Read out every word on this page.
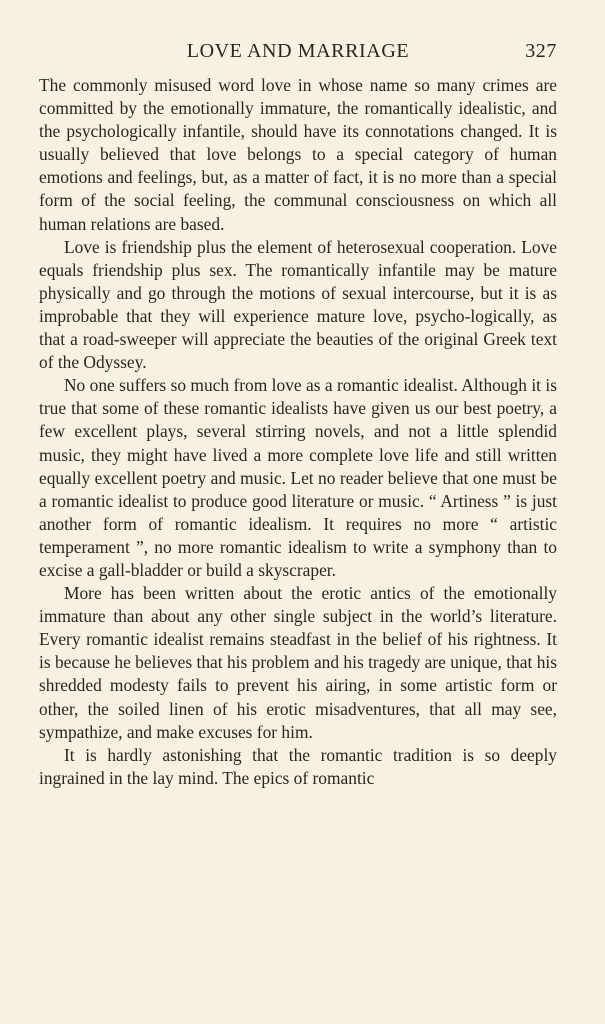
LOVE AND MARRIAGE	327

The commonly misused word love in whose name so many crimes are committed by the emotionally immature, the romantically idealistic, and the psychologically infantile, should have its connotations changed. It is usually believed that love belongs to a special category of human emotions and feelings, but, as a matter of fact, it is no more than a special form of the social feeling, the communal consciousness on which all human relations are based.

Love is friendship plus the element of heterosexual cooperation. Love equals friendship plus sex. The romantically infantile may be mature physically and go through the motions of sexual intercourse, but it is as improbable that they will experience mature love, psycho-logically, as that a road-sweeper will appreciate the beauties of the original Greek text of the Odyssey.

No one suffers so much from love as a romantic idealist. Although it is true that some of these romantic idealists have given us our best poetry, a few excellent plays, several stirring novels, and not a little splendid music, they might have lived a more complete love life and still written equally excellent poetry and music. Let no reader believe that one must be a romantic idealist to produce good literature or music. “ Artiness ” is just another form of romantic idealism. It requires no more “ artistic temperament ”, no more romantic idealism to write a symphony than to excise a gall-bladder or build a skyscraper.

More has been written about the erotic antics of the emotionally immature than about any other single subject in the world’s literature. Every romantic idealist remains steadfast in the belief of his rightness. It is because he believes that his problem and his tragedy are unique, that his shredded modesty fails to prevent his airing, in some artistic form or other, the soiled linen of his erotic misadventures, that all may see, sympathize, and make excuses for him.

It is hardly astonishing that the romantic tradition is so deeply ingrained in the lay mind. The epics of romantic
